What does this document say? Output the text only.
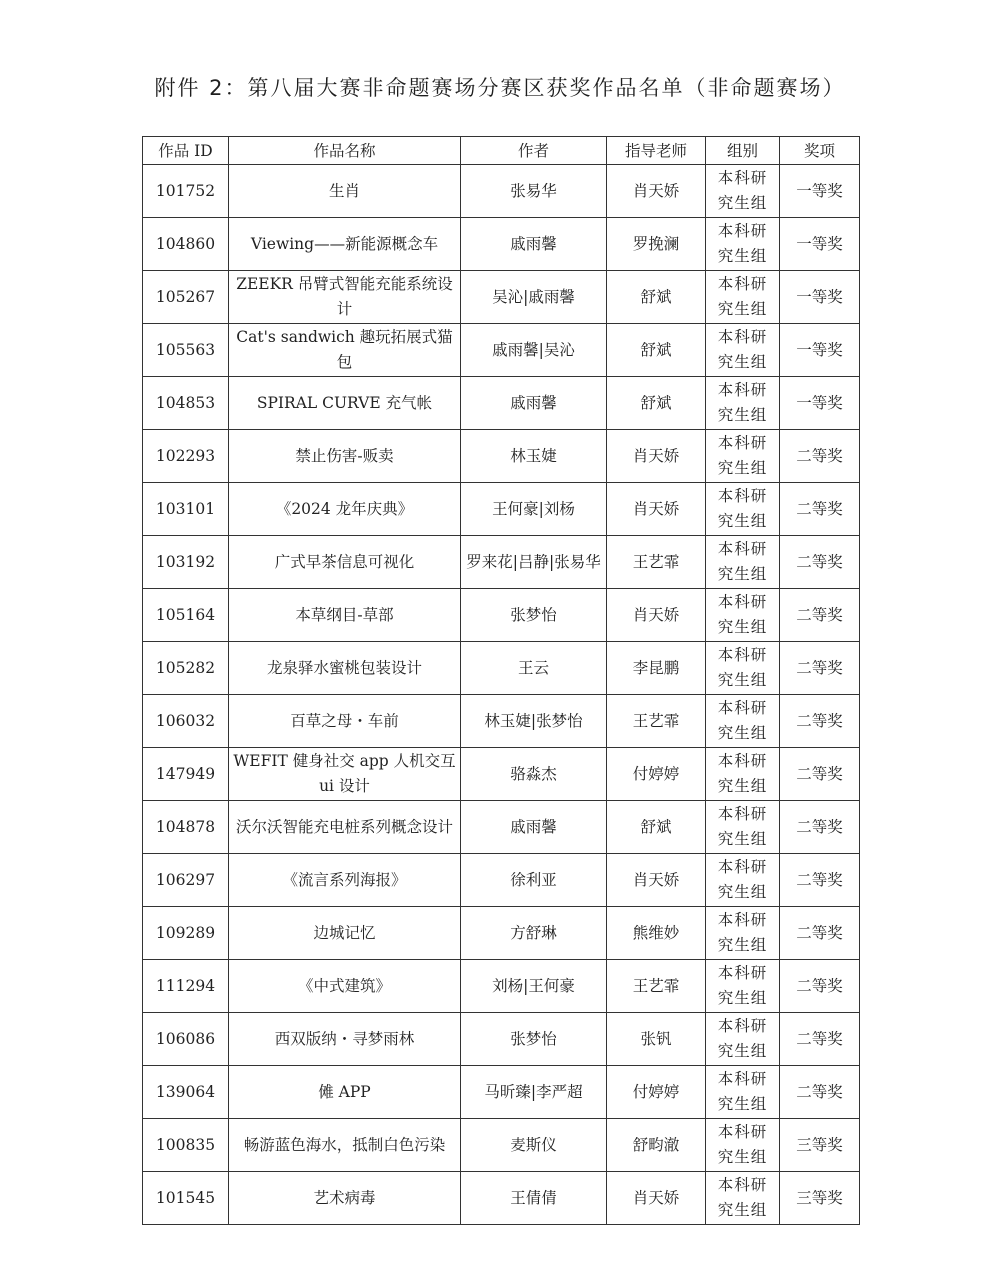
附件 2：第八届大赛非命题赛场分赛区获奖作品名单（非命题赛场）
作品 ID	作品名称	作者	指导老师	组别	奖项
101752	生肖	张易华	肖天娇	本科研究生组	一等奖
104860	Viewing——新能源概念车	戚雨馨	罗挽澜	本科研究生组	一等奖
105267	ZEEKR 吊臂式智能充能系统设计	吴沁|戚雨馨	舒斌	本科研究生组	一等奖
105563	Cat's sandwich 趣玩拓展式猫包	戚雨馨|吴沁	舒斌	本科研究生组	一等奖
104853	SPIRAL CURVE 充气帐	戚雨馨	舒斌	本科研究生组	一等奖
102293	禁止伤害-贩卖	林玉婕	肖天娇	本科研究生组	二等奖
103101	《2024 龙年庆典》	王何豪|刘杨	肖天娇	本科研究生组	二等奖
103192	广式早茶信息可视化	罗来花|吕静|张易华	王艺霏	本科研究生组	二等奖
105164	本草纲目-草部	张梦怡	肖天娇	本科研究生组	二等奖
105282	龙泉驿水蜜桃包装设计	王云	李昆鹏	本科研究生组	二等奖
106032	百草之母・车前	林玉婕|张梦怡	王艺霏	本科研究生组	二等奖
147949	WEFIT 健身社交 app 人机交互 ui 设计	骆淼杰	付婷婷	本科研究生组	二等奖
104878	沃尔沃智能充电桩系列概念设计	戚雨馨	舒斌	本科研究生组	二等奖
106297	《流言系列海报》	徐利亚	肖天娇	本科研究生组	二等奖
109289	边城记忆	方舒琳	熊维妙	本科研究生组	二等奖
111294	《中式建筑》	刘杨|王何豪	王艺霏	本科研究生组	二等奖
106086	西双版纳・寻梦雨林	张梦怡	张钒	本科研究生组	二等奖
139064	傩 APP	马昕臻|李严超	付婷婷	本科研究生组	二等奖
100835	畅游蓝色海水，抵制白色污染	麦斯仪	舒畇澈	本科研究生组	三等奖
101545	艺术病毒	王倩倩	肖天娇	本科研究生组	三等奖
